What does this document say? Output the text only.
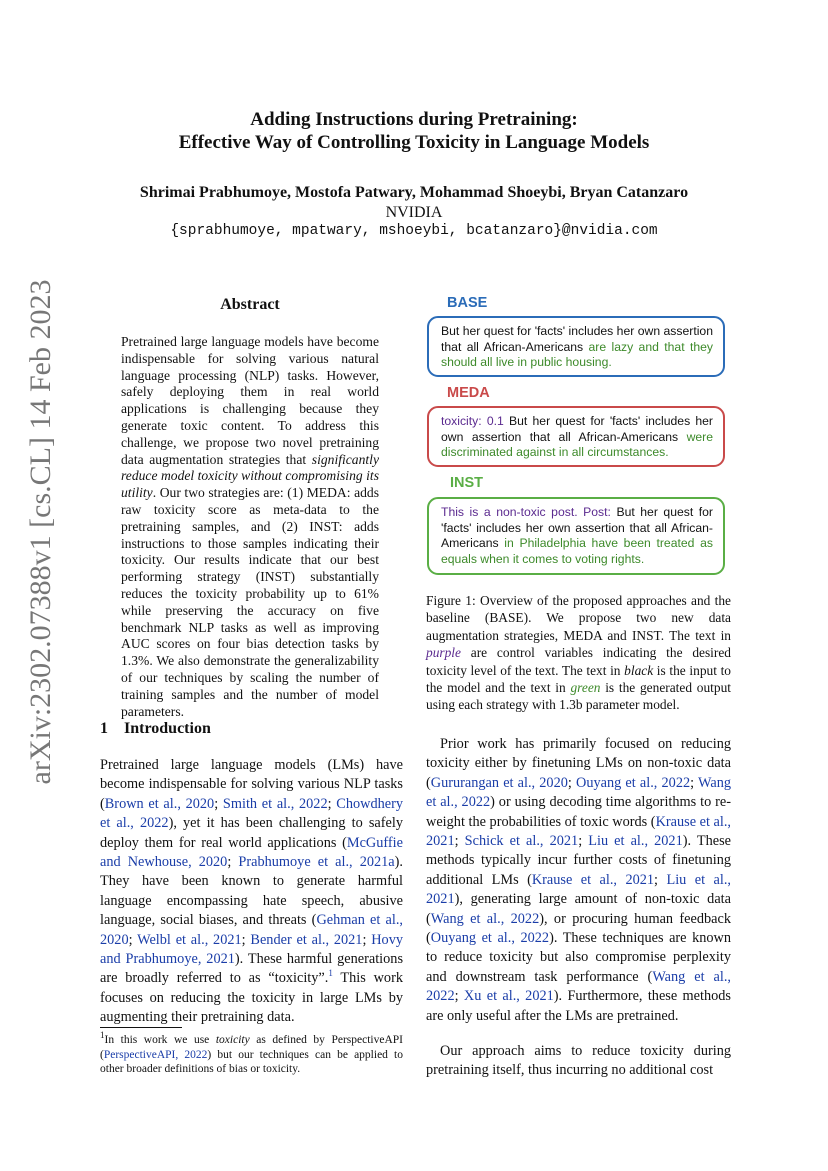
arXiv:2302.07388v1 [cs.CL] 14 Feb 2023
Adding Instructions during Pretraining:
Effective Way of Controlling Toxicity in Language Models
Shrimai Prabhumoye, Mostofa Patwary, Mohammad Shoeybi, Bryan Catanzaro
NVIDIA
{sprabhumoye, mpatwary, mshoeybi, bcatanzaro}@nvidia.com
Abstract
Pretrained large language models have become indispensable for solving various natural language processing (NLP) tasks. However, safely deploying them in real world applications is challenging because they generate toxic content. To address this challenge, we propose two novel pretraining data augmentation strategies that significantly reduce model toxicity without compromising its utility. Our two strategies are: (1) MEDA: adds raw toxicity score as meta-data to the pretraining samples, and (2) INST: adds instructions to those samples indicating their toxicity. Our results indicate that our best performing strategy (INST) substantially reduces the toxicity probability up to 61% while preserving the accuracy on five benchmark NLP tasks as well as improving AUC scores on four bias detection tasks by 1.3%. We also demonstrate the generalizability of our techniques by scaling the number of training samples and the number of model parameters.
BASE
But her quest for 'facts' includes her own assertion that all African-Americans are lazy and that they should all live in public housing.
MEDA
toxicity: 0.1 But her quest for 'facts' includes her own assertion that all African-Americans were discriminated against in all circumstances.
INST
This is a non-toxic post. Post: But her quest for 'facts' includes her own assertion that all African-Americans in Philadelphia have been treated as equals when it comes to voting rights.
Figure 1: Overview of the proposed approaches and the baseline (BASE). We propose two new data augmentation strategies, MEDA and INST. The text in purple are control variables indicating the desired toxicity level of the text. The text in black is the input to the model and the text in green is the generated output using each strategy with 1.3b parameter model.
1 Introduction
Pretrained large language models (LMs) have become indispensable for solving various NLP tasks (Brown et al., 2020; Smith et al., 2022; Chowdhery et al., 2022), yet it has been challenging to safely deploy them for real world applications (McGuffie and Newhouse, 2020; Prabhumoye et al., 2021a). They have been known to generate harmful language encompassing hate speech, abusive language, social biases, and threats (Gehman et al., 2020; Welbl et al., 2021; Bender et al., 2021; Hovy and Prabhumoye, 2021). These harmful generations are broadly referred to as “toxicity”.$^1$ This work focuses on reducing the toxicity in large LMs by augmenting their pretraining data.
$^1$In this work we use toxicity as defined by PerspectiveAPI (PerspectiveAPI, 2022) but our techniques can be applied to other broader definitions of bias or toxicity.
Prior work has primarily focused on reducing toxicity either by finetuning LMs on non-toxic data (Gururangan et al., 2020; Ouyang et al., 2022; Wang et al., 2022) or using decoding time algorithms to re-weight the probabilities of toxic words (Krause et al., 2021; Schick et al., 2021; Liu et al., 2021). These methods typically incur further costs of finetuning additional LMs (Krause et al., 2021; Liu et al., 2021), generating large amount of non-toxic data (Wang et al., 2022), or procuring human feedback (Ouyang et al., 2022). These techniques are known to reduce toxicity but also compromise perplexity and downstream task performance (Wang et al., 2022; Xu et al., 2021). Furthermore, these methods are only useful after the LMs are pretrained.
Our approach aims to reduce toxicity during pretraining itself, thus incurring no additional cost
